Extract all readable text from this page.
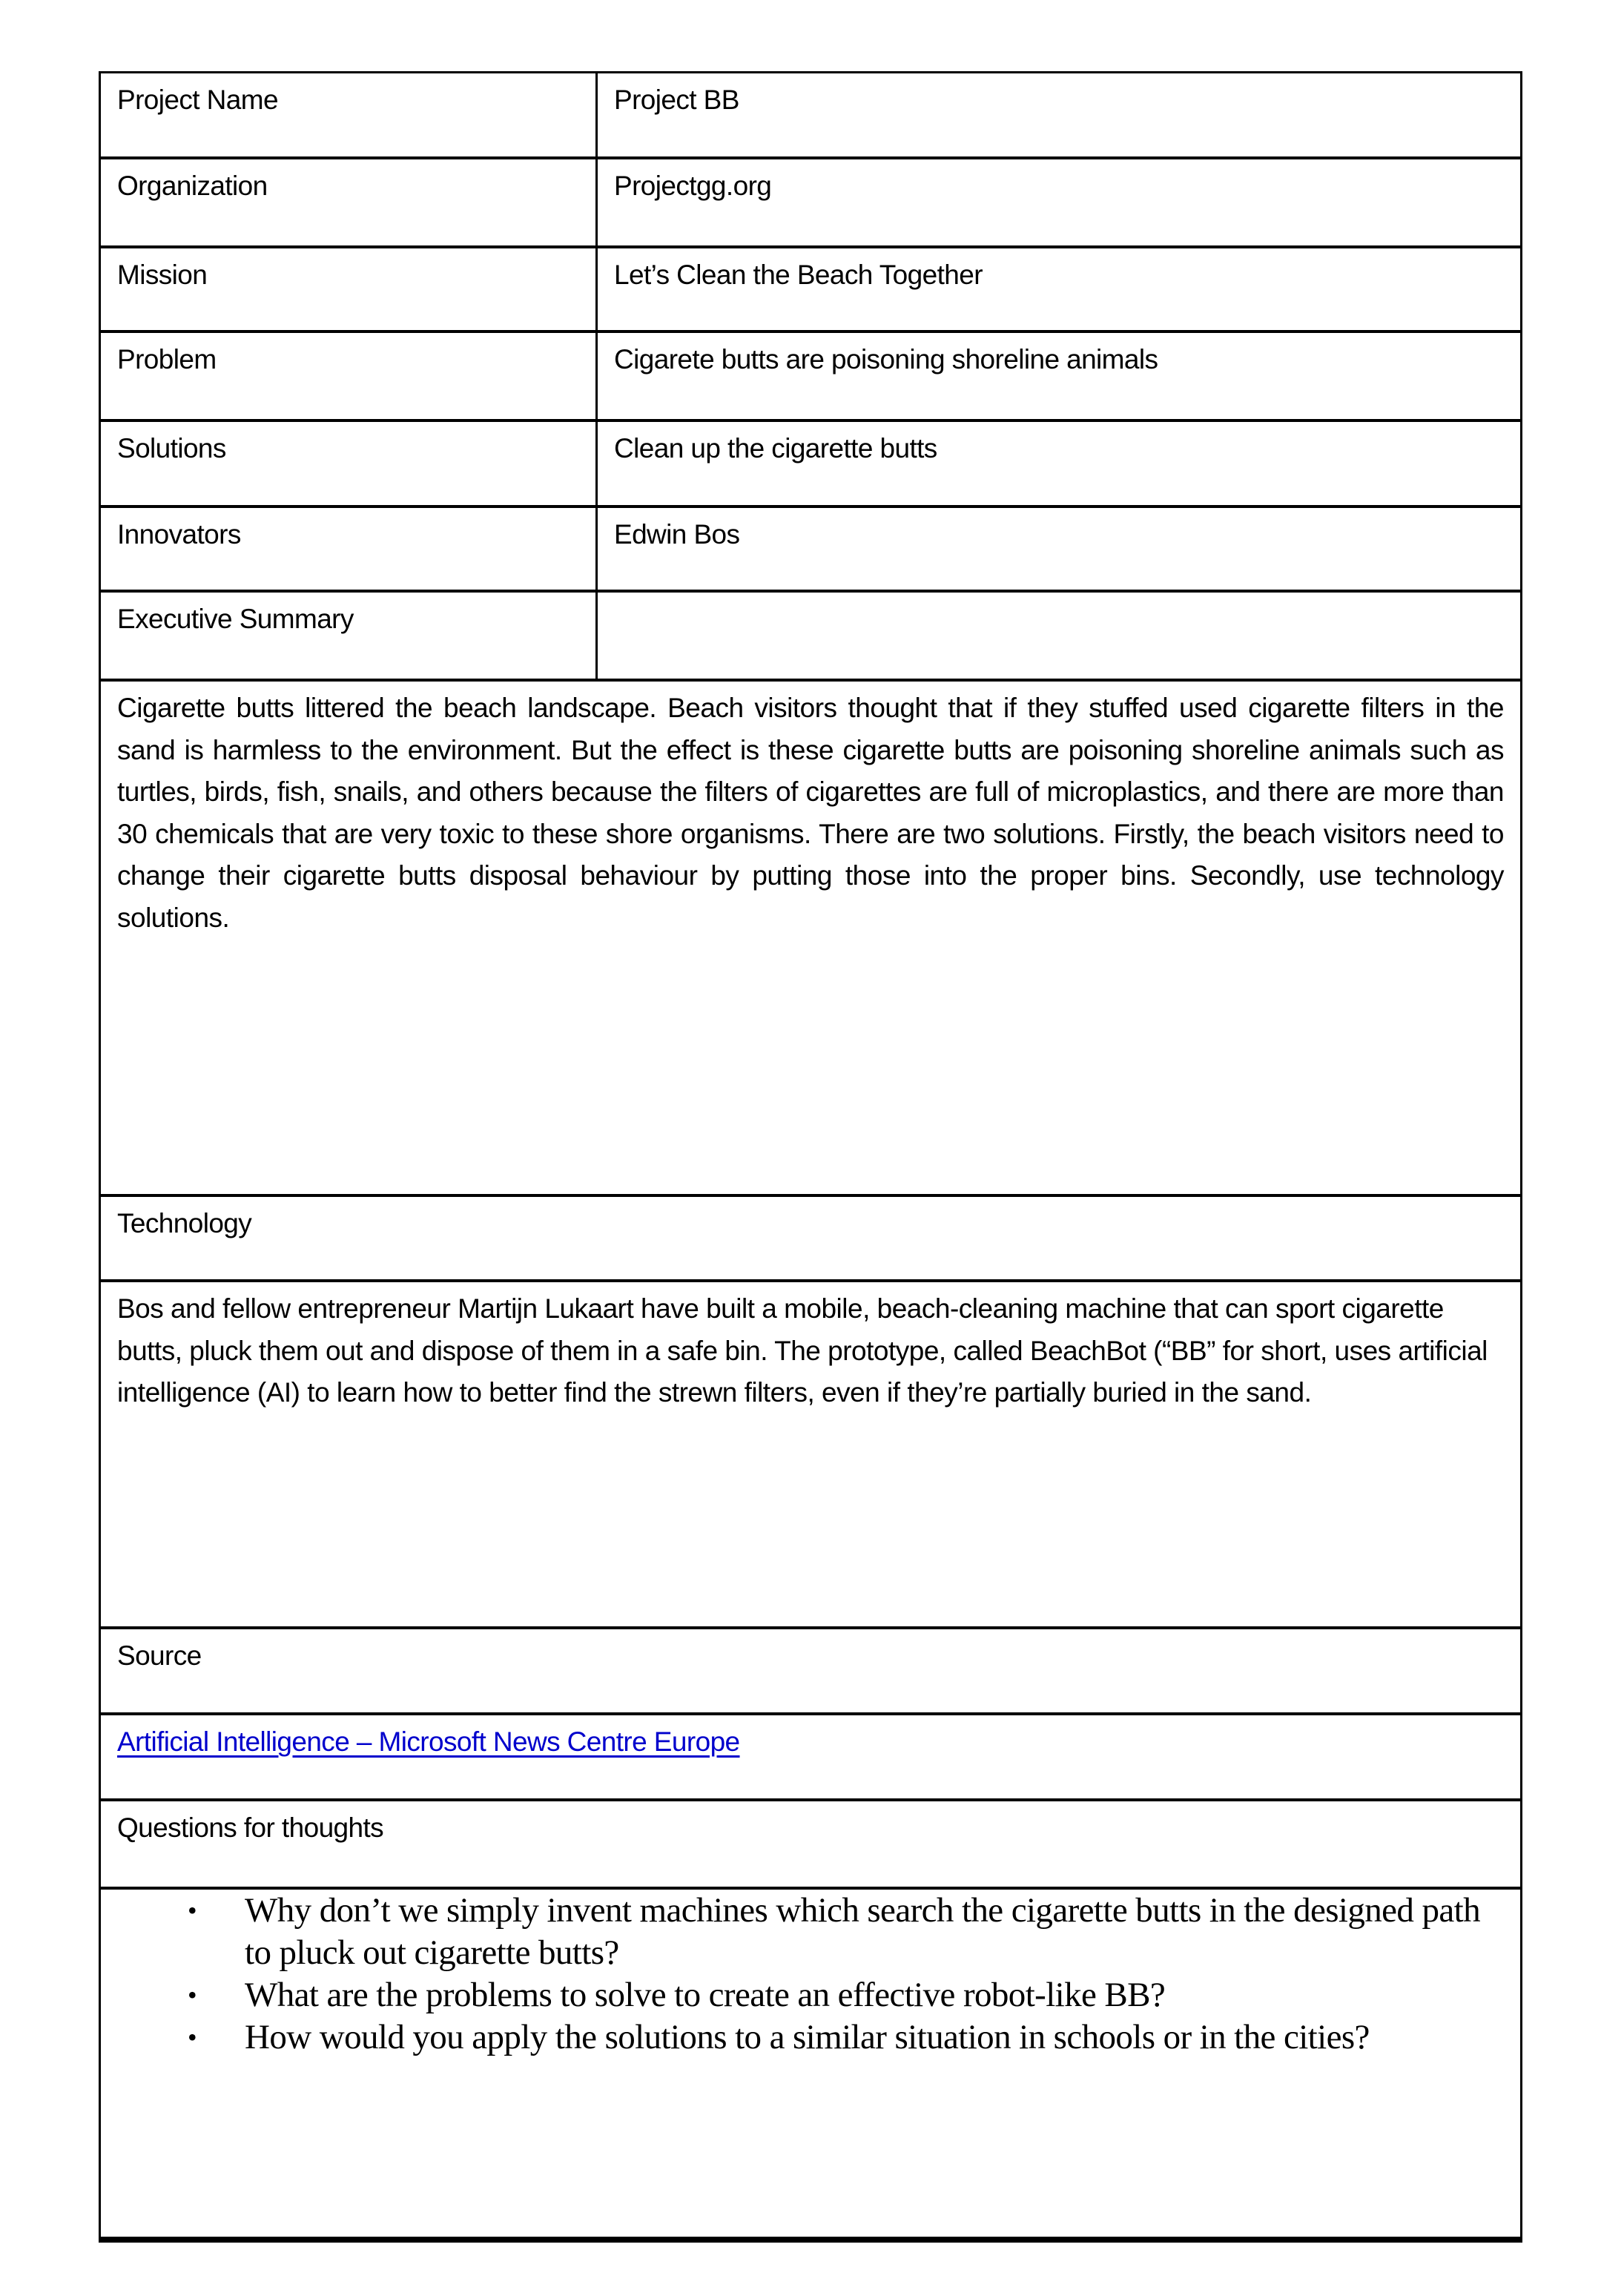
Project Name	Project BB
Organization	Projectgg.org
Mission	Let’s Clean the Beach Together
Problem	Cigarete butts are poisoning shoreline animals
Solutions	Clean up the cigarette butts
Innovators	Edwin Bos
Executive Summary
Cigarette butts littered the beach landscape. Beach visitors thought that if they stuffed used cigarette filters in the sand is harmless to the environment. But the effect is these cigarette butts are poisoning shoreline animals such as turtles, birds, fish, snails, and others because the filters of cigarettes are full of microplastics, and there are more than 30 chemicals that are very toxic to these shore organisms. There are two solutions. Firstly, the beach visitors need to change their cigarette butts disposal behaviour by putting those into the proper bins. Secondly, use technology solutions.
Technology
Bos and fellow entrepreneur Martijn Lukaart have built a mobile, beach-cleaning machine that can sport cigarette butts, pluck them out and dispose of them in a safe bin. The prototype, called BeachBot (“BB” for short, uses artificial intelligence (AI) to learn how to better find the strewn filters, even if they’re partially buried in the sand.
Source
Artificial Intelligence – Microsoft News Centre Europe
Questions for thoughts
• Why don’t we simply invent machines which search the cigarette butts in the designed path to pluck out cigarette butts?
• What are the problems to solve to create an effective robot-like BB?
• How would you apply the solutions to a similar situation in schools or in the cities?
